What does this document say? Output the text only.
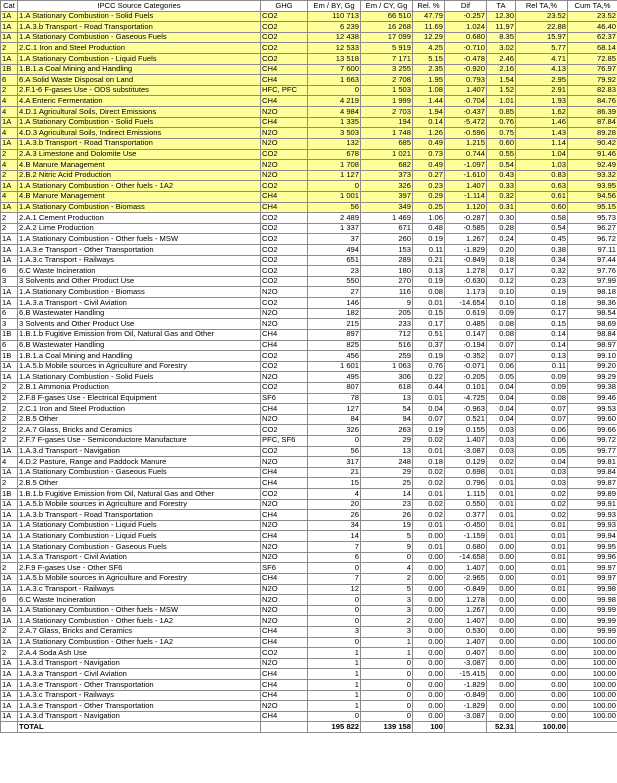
Cat	IPCC Source Categories	GHG	Em / BY, Gg	Em / CY, Gg	Rel. %	Dif	TA	Rel TA,%	Cum TA,%
1A	1.A Stationary Combustion - Solid Fuels	CO2	110 713	66 510	47.79	-0.257	12.30	23.52	23.52
1A	1.A.3.b Transport - Road Transportation	CO2	6 239	16 268	11.69	1.024	11.97	22.88	46.40
1A	1.A Stationary Combustion - Gaseous Fuels	CO2	12 438	17 099	12.29	0.680	8.35	15.97	62.37
2	2.C.1 Iron and Steel Production	CO2	12 533	5 919	4.25	-0.710	3.02	5.77	68.14
1A	1.A Stationary Combustion - Liquid Fuels	CO2	13 518	7 171	5.15	-0.478	2.46	4.71	72.85
1B	1.B.1.a Coal Mining and Handling	CH4	7 600	3 255	2.35	-0.920	2.16	4.13	76.97
6	6.A Solid Waste Disposal on Land	CH4	1 663	2 708	1.95	0.793	1.54	2.95	79.92
2	2.F.1-6 F-gases Use - ODS substitutes	HFC, PFC	0	1 503	1.08	1.407	1.52	2.91	82.83
4	4.A Enteric Fermentation	CH4	4 219	1 999	1.44	-0.704	1.01	1.93	84.76
4	4.D.1 Agricultural Soils, Direct Emissions	N2O	4 984	2 703	1.94	-0.437	0.85	1.62	86.39
1A	1.A Stationary Combustion - Solid Fuels	CH4	1 335	194	0.14	-5.472	0.76	1.46	87.84
4	4.D.3 Agricultural Soils, Indirect Emissions	N2O	3 503	1 748	1.26	-0.596	0.75	1.43	89.28
1A	1.A.3.b Transport - Road Transportation	N2O	132	685	0.49	1.215	0.60	1.14	90.42
2	2.A.3 Limestone and Dolomite Use	CO2	678	1 021	0.73	0.744	0.55	1.04	91.46
4	4.B Manure Management	N2O	1 708	682	0.49	-1.097	0.54	1.03	92.49
2	2.B.2 Nitric Acid Production	N2O	1 127	373	0.27	-1.610	0.43	0.83	93.32
1A	1.A Stationary Combustion - Other fuels - 1A2	CO2	0	326	0.23	1.407	0.33	0.63	93.95
4	4.B Manure Management	CH4	1 001	397	0.29	-1.114	0.32	0.61	94.56
1A	1.A Stationary Combustion - Biomass	CH4	56	349	0.25	1.120	0.31	0.60	95.15
2	2.A.1 Cement Production	CO2	2 489	1 469	1.06	-0.287	0.30	0.58	95.73
2	2.A.2 Lime Production	CO2	1 337	671	0.48	-0.585	0.28	0.54	96.27
1A	1.A Stationary Combustion - Other fuels - MSW	CO2	37	260	0.19	1.267	0.24	0.45	96.72
1A	1.A.3.e Transport - Other Transportation	CO2	494	153	0.11	-1.829	0.20	0.38	97.11
1A	1.A.3.c Transport - Railways	CO2	651	289	0.21	-0.849	0.18	0.34	97.44
6	6.C Waste Incineration	CO2	23	180	0.13	1.278	0.17	0.32	97.76
3	3 Solvents and Other Product Use	CO2	550	270	0.19	-0.630	0.12	0.23	97.99
1A	1.A Stationary Combustion - Biomass	N2O	27	116	0.08	1.173	0.10	0.19	98.18
1A	1.A.3.a Transport - Civil Aviation	CO2	146	9	0.01	-14.654	0.10	0.18	98.36
6	6.B Wastewater Handling	N2O	182	205	0.15	0.619	0.09	0.17	98.54
3	3 Solvents and Other Product Use	N2O	215	233	0.17	0.485	0.08	0.15	98.69
1B	1.B.1.b Fugitive Emission from Oil, Natural Gas and Other	CH4	897	712	0.51	0.147	0.08	0.14	98.84
6	6.B Wastewater Handling	CH4	825	516	0.37	-0.194	0.07	0.14	98.97
1B	1.B.1.a Coal Mining and Handling	CO2	456	259	0.19	-0.352	0.07	0.13	99.10
1A	1.A.5.b Mobile sources in Agriculture and Forestry	CO2	1 601	1 063	0.76	-0.071	0.06	0.11	99.20
1A	1.A Stationary Combustion - Solid Fuels	N2O	495	306	0.22	-0.205	0.05	0.09	99.29
2	2.B.1 Ammonia Production	CO2	807	618	0.44	0.101	0.04	0.09	99.38
2	2.F.8 F-gases Use - Electrical Equipment	SF6	78	13	0.01	-4.725	0.04	0.08	99.46
2	2.C.1 Iron and Steel Production	CH4	127	54	0.04	-0.963	0.04	0.07	99.53
2	2.B.5 Other	N2O	84	94	0.07	0.521	0.04	0.07	99.60
2	2.A.7 Glass, Bricks and Ceramics	CO2	326	263	0.19	0.155	0.03	0.06	99.66
2	2.F.7 F-gases Use - Semiconductore Manufacture	PFC, SF6	0	29	0.02	1.407	0.03	0.06	99.72
1A	1.A.3.d Transport - Navigation	CO2	56	13	0.01	-3.087	0.03	0.05	99.77
4	4.D.2 Pasture, Range and Paddock Manure	N2O	317	248	0.18	0.129	0.02	0.04	99.81
1A	1.A Stationary Combustion - Gaseous Fuels	CH4	21	29	0.02	0.698	0.01	0.03	99.84
2	2.B.5 Other	CH4	15	25	0.02	0.796	0.01	0.03	99.87
1B	1.B.1.b Fugitive Emission from Oil, Natural Gas and Other	CO2	4	14	0.01	1.115	0.01	0.02	99.89
1A	1.A.5.b Mobile sources in Agriculture and Forestry	N2O	20	23	0.02	0.550	0.01	0.02	99.91
1A	1.A.3.b Transport - Road Transportation	CH4	26	26	0.02	0.377	0.01	0.02	99.93
1A	1.A Stationary Combustion - Liquid Fuels	N2O	34	19	0.01	-0.450	0.01	0.01	99.93
1A	1.A Stationary Combustion - Liquid Fuels	CH4	14	5	0.00	-1.159	0.01	0.01	99.94
1A	1.A Stationary Combustion - Gaseous Fuels	N2O	7	9	0.01	0.680	0.00	0.01	99.95
1A	1.A.3.a Transport - Civil Aviation	N2O	6	0	0.00	-14.658	0.00	0.01	99.96
2	2.F.9 F-gases Use - Other SF6	SF6	0	4	0.00	1.407	0.00	0.01	99.97
1A	1.A.5.b Mobile sources in Agriculture and Forestry	CH4	7	2	0.00	-2.965	0.00	0.01	99.97
1A	1.A.3.c Transport - Railways	N2O	12	5	0.00	-0.849	0.00	0.01	99.98
6	6.C Waste Incineration	N2O	0	3	0.00	1.278	0.00	0.00	99.98
1A	1.A Stationary Combustion - Other fuels - MSW	N2O	0	3	0.00	1.267	0.00	0.00	99.99
1A	1.A Stationary Combustion - Other fuels - 1A2	N2O	0	2	0.00	1.407	0.00	0.00	99.99
2	2.A.7 Glass, Bricks and Ceramics	CH4	3	3	0.00	0.530	0.00	0.00	99.99
1A	1.A Stationary Combustion - Other fuels - 1A2	CH4	0	1	0.00	1.407	0.00	0.00	100.00
2	2.A.4 Soda Ash Use	CO2	1	1	0.00	0.407	0.00	0.00	100.00
1A	1.A.3.d Transport - Navigation	N2O	1	0	0.00	-3.087	0.00	0.00	100.00
1A	1.A.3.a Transport - Civil Aviation	CH4	1	0	0.00	-15.415	0.00	0.00	100.00
1A	1.A.3.e Transport - Other Transportation	CH4	1	0	0.00	-1.829	0.00	0.00	100.00
1A	1.A.3.c Transport - Railways	CH4	1	0	0.00	-0.849	0.00	0.00	100.00
1A	1.A.3.e Transport - Other Transportation	N2O	1	0	0.00	-1.829	0.00	0.00	100.00
1A	1.A.3.d Transport - Navigation	CH4	0	0	0.00	-3.087	0.00	0.00	100.00
	TOTAL		195 822	139 158	100		52.31	100.00	
